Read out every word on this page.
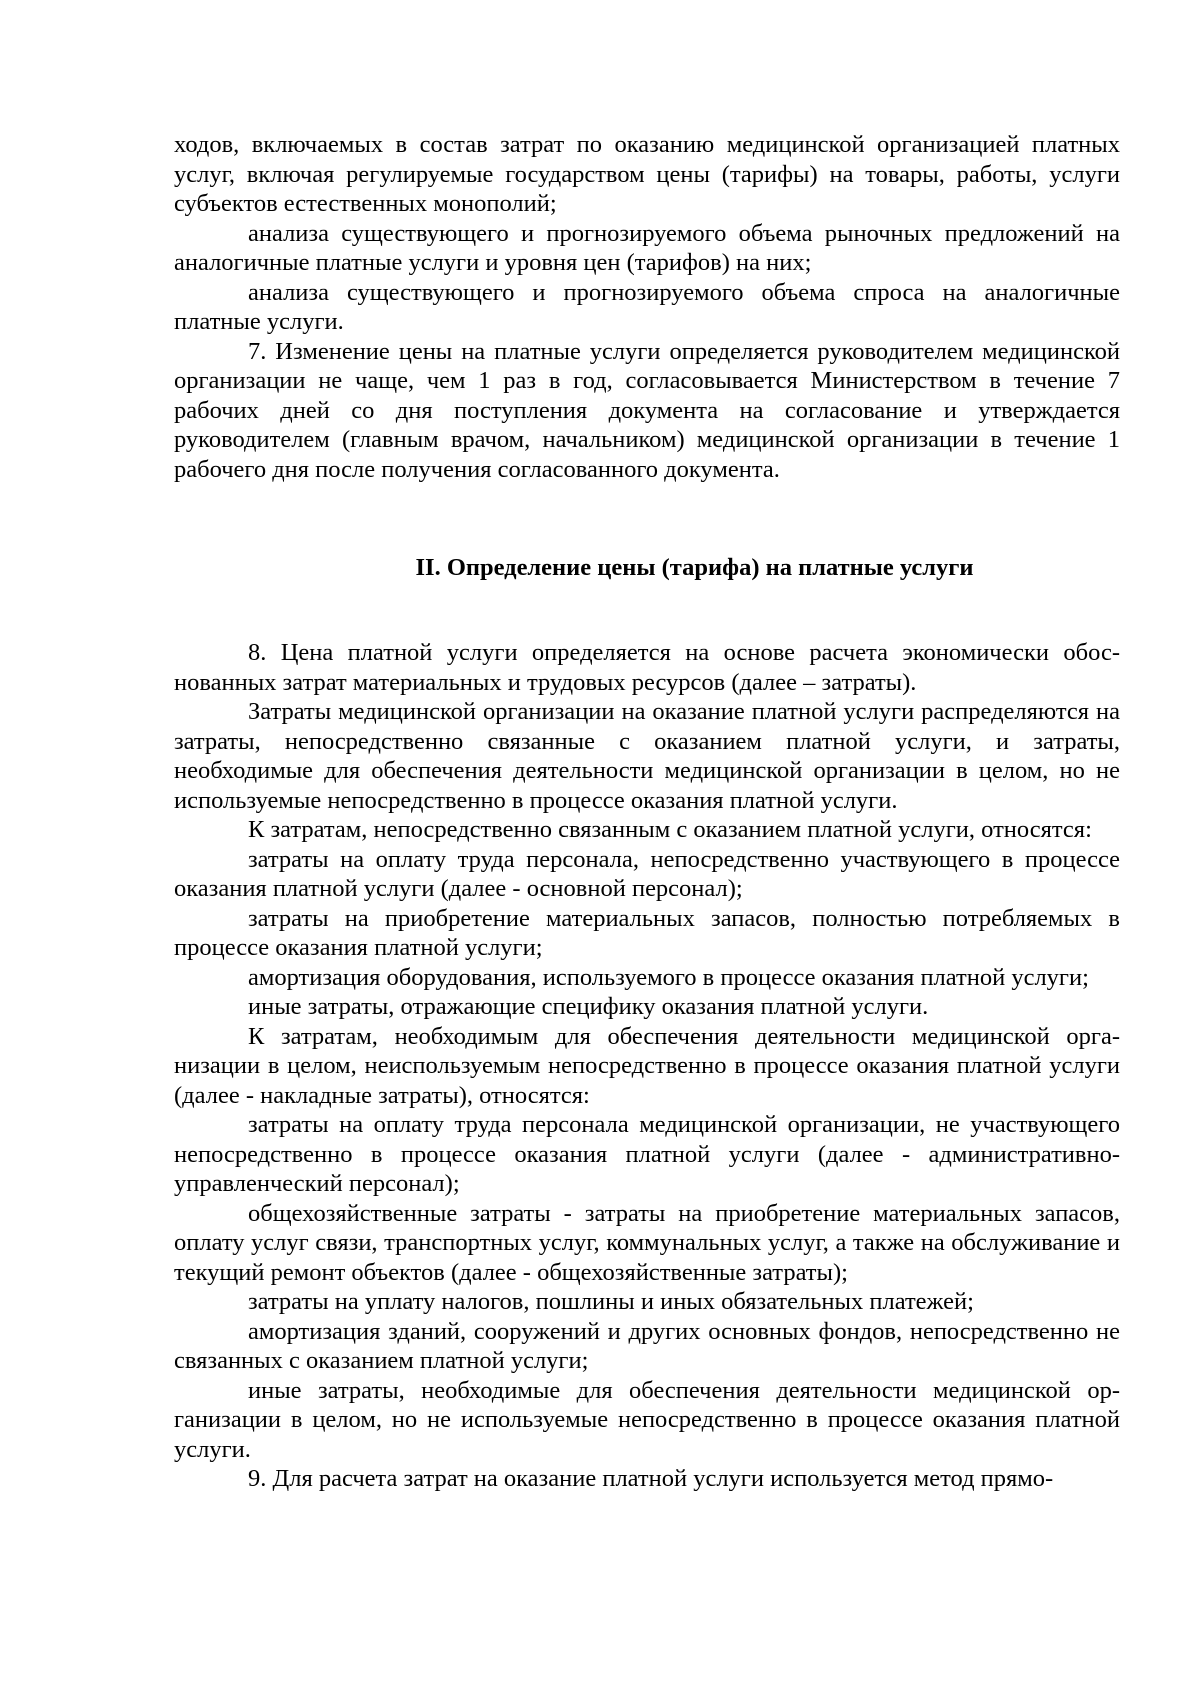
ходов, включаемых в состав затрат по оказанию медицинской организацией платных услуг, включая регулируемые государством цены (тарифы) на товары, работы, услуги субъектов естественных монополий;

анализа существующего и прогнозируемого объема рыночных предложений на аналогичные платные услуги и уровня цен (тарифов) на них;

анализа существующего и прогнозируемого объема спроса на аналогичные платные услуги.

7. Изменение цены на платные услуги определяется руководителем медицинской организации не чаще, чем 1 раз в год, согласовывается Министерством в течение 7 рабочих дней со дня поступления документа на согласование и утверждается руководителем (главным врачом, начальником) медицинской организации в течение 1 рабочего дня после получения согласованного документа.

II. Определение цены (тарифа) на платные услуги

8. Цена платной услуги определяется на основе расчета экономически обоснованных затрат материальных и трудовых ресурсов (далее – затраты).

Затраты медицинской организации на оказание платной услуги распределяются на затраты, непосредственно связанные с оказанием платной услуги, и затраты, необходимые для обеспечения деятельности медицинской организации в целом, но не используемые непосредственно в процессе оказания платной услуги.

К затратам, непосредственно связанным с оказанием платной услуги, относятся:

затраты на оплату труда персонала, непосредственно участвующего в процессе оказания платной услуги (далее - основной персонал);

затраты на приобретение материальных запасов, полностью потребляемых в процессе оказания платной услуги;

амортизация оборудования, используемого в процессе оказания платной услуги;

иные затраты, отражающие специфику оказания платной услуги.

К затратам, необходимым для обеспечения деятельности медицинской организации в целом, неиспользуемым непосредственно в процессе оказания платной услуги (далее - накладные затраты), относятся:

затраты на оплату труда персонала медицинской организации, не участвующего непосредственно в процессе оказания платной услуги (далее - административно-управленческий персонал);

общехозяйственные затраты - затраты на приобретение материальных запасов, оплату услуг связи, транспортных услуг, коммунальных услуг, а также на обслуживание и текущий ремонт объектов (далее - общехозяйственные затраты);

затраты на уплату налогов, пошлины и иных обязательных платежей;

амортизация зданий, сооружений и других основных фондов, непосредственно не связанных с оказанием платной услуги;

иные затраты, необходимые для обеспечения деятельности медицинской организации в целом, но не используемые непосредственно в процессе оказания платной услуги.

9. Для расчета затрат на оказание платной услуги используется метод прямо-
